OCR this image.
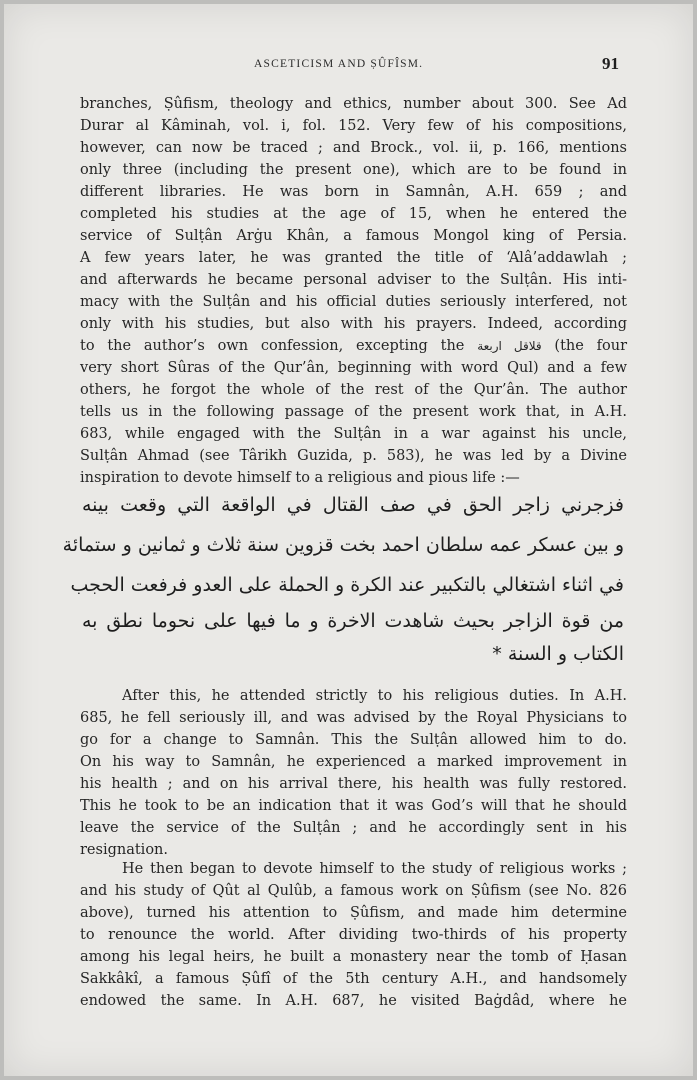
ASCETICISM AND ṢÛFÎSM.	91
branches, Ṣûfism, theology and ethics, number about 300. See Ad
Durar al Kâminah, vol. i, fol. 152. Very few of his compositions,
however, can now be traced ; and Brock., vol. ii, p. 166, mentions
only three (including the present one), which are to be found in
different libraries. He was born in Samnân, A.H. 659 ; and
completed his studies at the age of 15, when he entered the
service of Sulṭân Arġu Khân, a famous Mongol king of Persia.
A few years later, he was granted the title of ‘Alâ’addawlah ;
and afterwards he became personal adviser to the Sulṭân. His inti-
macy with the Sulṭân and his official duties seriously interfered, not
only with his studies, but also with his prayers. Indeed, according
to the author’s own confession, excepting the قلاقل اربعة (the four
very short Sûras of the Qur’ân, beginning with word Qul) and a few
others, he forgot the whole of the rest of the Qur’ân. The author
tells us in the following passage of the present work that, in A.H.
683, while engaged with the Sulṭân in a war against his uncle,
Sulṭân Ahmad (see Târikh Guzida, p. 583), he was led by a Divine
inspiration to devote himself to a religious and pious life :—
فزجرني زاجر الحق في صف القتال في الواقعة التي وقعت بينه
و بين عسكر عمه سلطان احمد بخت قزوين سنة ثلاث و ثمانين و ستمائة
في اثناء اشتغالي بالتكبير عند الكرة و الحملة على العدو فرفعت الحجب
من قوة الزاجر بحيث شاهدت الاخرة و ما فيها على نحوما نطق به
الكتاب و السنة *
After this, he attended strictly to his religious duties. In A.H.
685, he fell seriously ill, and was advised by the Royal Physicians to
go for a change to Samnân. This the Sulṭân allowed him to do.
On his way to Samnân, he experienced a marked improvement in
his health ; and on his arrival there, his health was fully restored.
This he took to be an indication that it was God’s will that he should
leave the service of the Sulṭân ; and he accordingly sent in his
resignation.
He then began to devote himself to the study of religious works ;
and his study of Qût al Qulûb, a famous work on Ṣûfism (see No. 826
above), turned his attention to Ṣûfism, and made him determine
to renounce the world. After dividing two-thirds of his property
among his legal heirs, he built a monastery near the tomb of Ḥasan
Sakkâkî, a famous Ṣûfî of the 5th century A.H., and handsomely
endowed the same. In A.H. 687, he visited Baġdâd, where he
